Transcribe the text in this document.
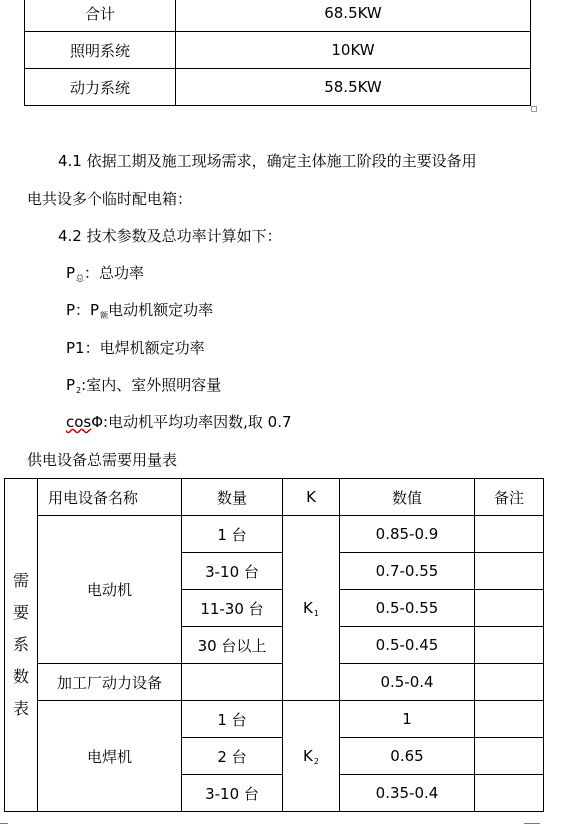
合计	68.5KW
照明系统	10KW
动力系统	58.5KW
4.1 依据工期及施工现场需求，确定主体施工阶段的主要设备用
电共设多个临时配电箱：
4.2 技术参数及总功率计算如下：
$P_总$：总功率
P：$P_额$电动机额定功率
P1：电焊机额定功率
$P_2$:室内、室外照明容量
cosΦ:电动机平均功率因数,取 0.7
供电设备总需要用量表
需
要
系
数
表	用电设备名称	数量	K	数值	备注
	电动机	1 台	$K_1$	0.85-0.9	
		3-10 台		0.7-0.55	
		11-30 台		0.5-0.55	
		30 台以上		0.5-0.45	
	加工厂动力设备			0.5-0.4	
	电焊机	1 台	$K_2$	1	
		2 台		0.65	
		3-10 台		0.35-0.4	
